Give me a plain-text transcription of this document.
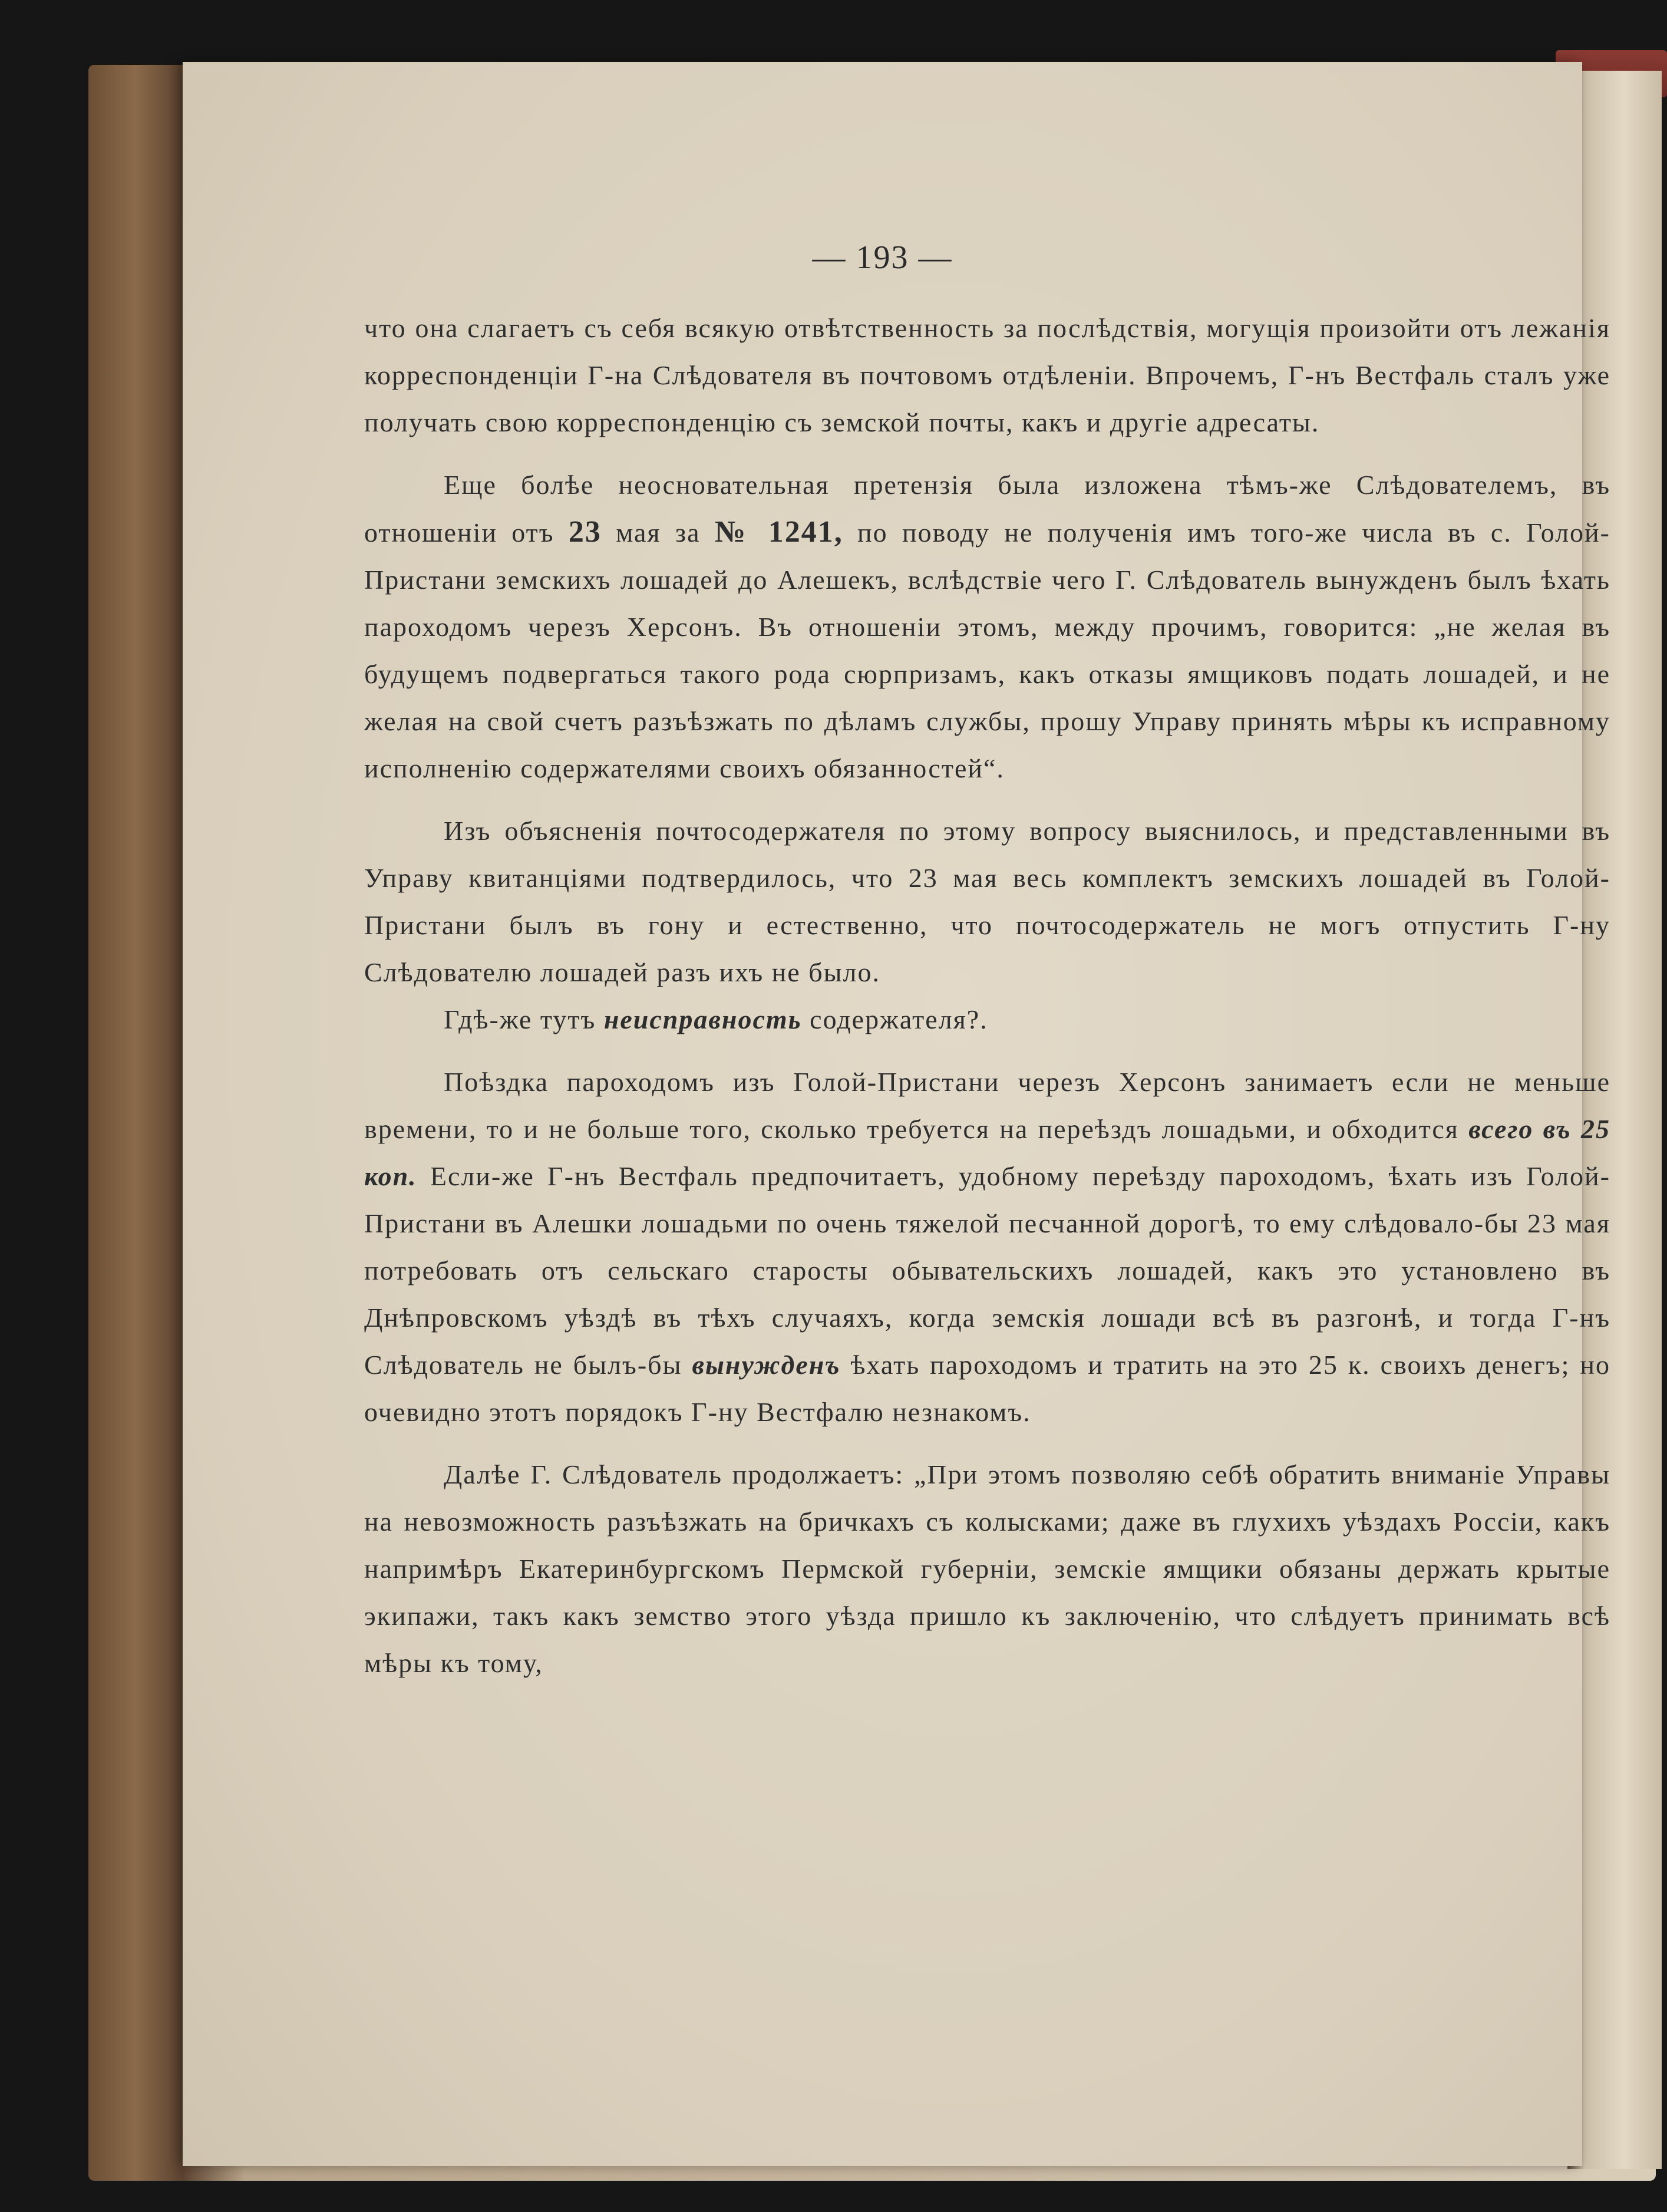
— 193 —

что она слагаетъ съ себя всякую отвѣтственность за послѣдствія, могущія произойти отъ лежанія корреспонденціи Г-на Слѣдователя въ почтовомъ отдѣленіи. Впрочемъ, Г-нъ Вестфаль сталъ уже получать свою корреспонденцію съ земской почты, какъ и другіе адресаты.

Еще болѣе неосновательная претензія была изложена тѣмъ-же Слѣдователемъ, въ отношеніи отъ 23 мая за № 1241, по поводу не полученія имъ того-же числа въ с. Голой-Пристани земскихъ лошадей до Алешекъ, вслѣдствіе чего Г. Слѣдователь вынужденъ былъ ѣхать пароходомъ черезъ Херсонъ. Въ отношеніи этомъ, между прочимъ, говорится: „не желая въ будущемъ подвергаться такого рода сюрпризамъ, какъ отказы ямщиковъ подать лошадей, и не желая на свой счетъ разъѣзжать по дѣламъ службы, прошу Управу принять мѣры къ исправному исполненію содержателями своихъ обязанностей“.

Изъ объясненія почтосодержателя по этому вопросу выяснилось, и представленными въ Управу квитанціями подтвердилось, что 23 мая весь комплектъ земскихъ лошадей въ Голой-Пристани былъ въ гону и естественно, что почтосодержатель не могъ отпустить Г-ну Слѣдователю лошадей разъ ихъ не было.

Гдѣ-же тутъ неисправность содержателя?.

Поѣздка пароходомъ изъ Голой-Пристани черезъ Херсонъ занимаетъ если не меньше времени, то и не больше того, сколько требуется на переѣздъ лошадьми, и обходится всего въ 25 коп. Если-же Г-нъ Вестфаль предпочитаетъ, удобному переѣзду пароходомъ, ѣхать изъ Голой-Пристани въ Алешки лошадьми по очень тяжелой песчанной дорогѣ, то ему слѣдовало-бы 23 мая потребовать отъ сельскаго старосты обывательскихъ лошадей, какъ это установлено въ Днѣпровскомъ уѣздѣ въ тѣхъ случаяхъ, когда земскія лошади всѣ въ разгонѣ, и тогда Г-нъ Слѣдователь не былъ-бы вынужденъ ѣхать пароходомъ и тратить на это 25 к. своихъ денегъ; но очевидно этотъ порядокъ Г-ну Вестфалю незнакомъ.

Далѣе Г. Слѣдователь продолжаетъ: „При этомъ позволяю себѣ обратить вниманіе Управы на невозможность разъѣзжать на бричкахъ съ колысками; даже въ глухихъ уѣздахъ Россіи, какъ напримѣръ Екатеринбургскомъ Пермской губерніи, земскіе ямщики обязаны держать крытые экипажи, такъ какъ земство этого уѣзда пришло къ заключенію, что слѣдуетъ принимать всѣ мѣры къ тому,
